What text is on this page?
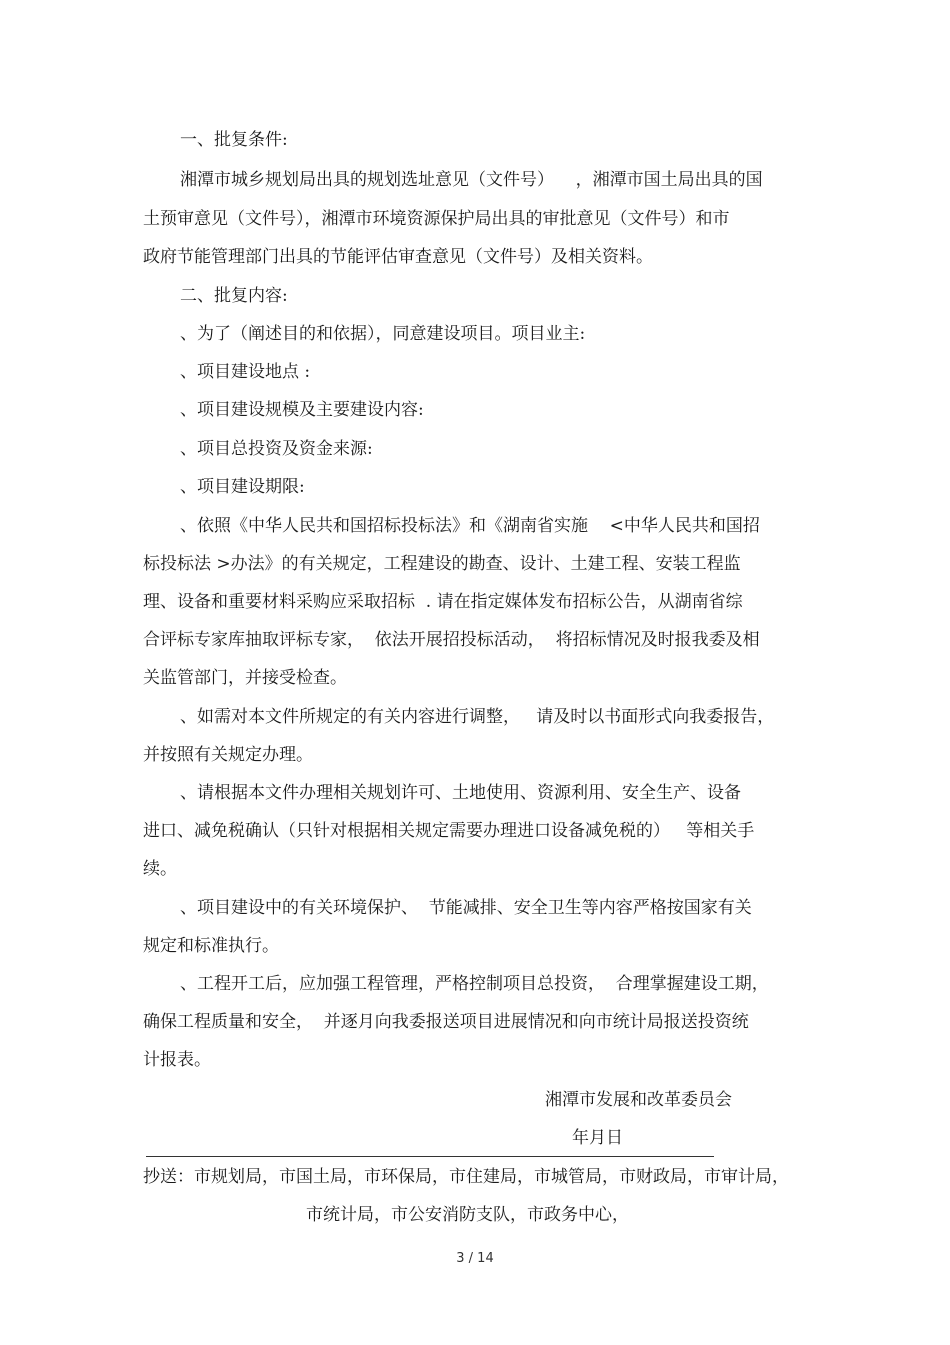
一、批复条件:

湘潭市城乡规划局出具的规划选址意见（文件号）    ，湘潭市国土局出具的国

土预审意见（文件号），湘潭市环境资源保护局出具的审批意见（文件号）和市

政府节能管理部门出具的节能评估审查意见（文件号）及相关资料。

二、批复内容:

、为了（阐述目的和依据），同意建设项目。项目业主:

、项目建设地点 :

、项目建设规模及主要建设内容:

、项目总投资及资金来源:

、项目建设期限:

、依照《中华人民共和国招标投标法》和《湖南省实施    <中华人民共和国招

标投标法 >办法》的有关规定，工程建设的勘查、设计、土建工程、安装工程监

理、设备和重要材料采购应采取招标  . 请在指定媒体发布招标公告，从湖南省综

合评标专家库抽取评标专家，  依法开展招投标活动，  将招标情况及时报我委及相

关监管部门，并接受检查。

、如需对本文件所规定的有关内容进行调整，   请及时以书面形式向我委报告，

并按照有关规定办理。

、请根据本文件办理相关规划许可、土地使用、资源利用、安全生产、设备

进口、减免税确认（只针对根据相关规定需要办理进口设备减免税的）   等相关手

续。

、项目建设中的有关环境保护、  节能减排、安全卫生等内容严格按国家有关

规定和标准执行。

、工程开工后，应加强工程管理，严格控制项目总投资，  合理掌握建设工期，

确保工程质量和安全，  并逐月向我委报送项目进展情况和向市统计局报送投资统

计报表。

湘潭市发展和改革委员会

年月日

抄送：市规划局，市国土局，市环保局，市住建局，市城管局，市财政局，市审计局，

市统计局，市公安消防支队，市政务中心，

3 / 14
